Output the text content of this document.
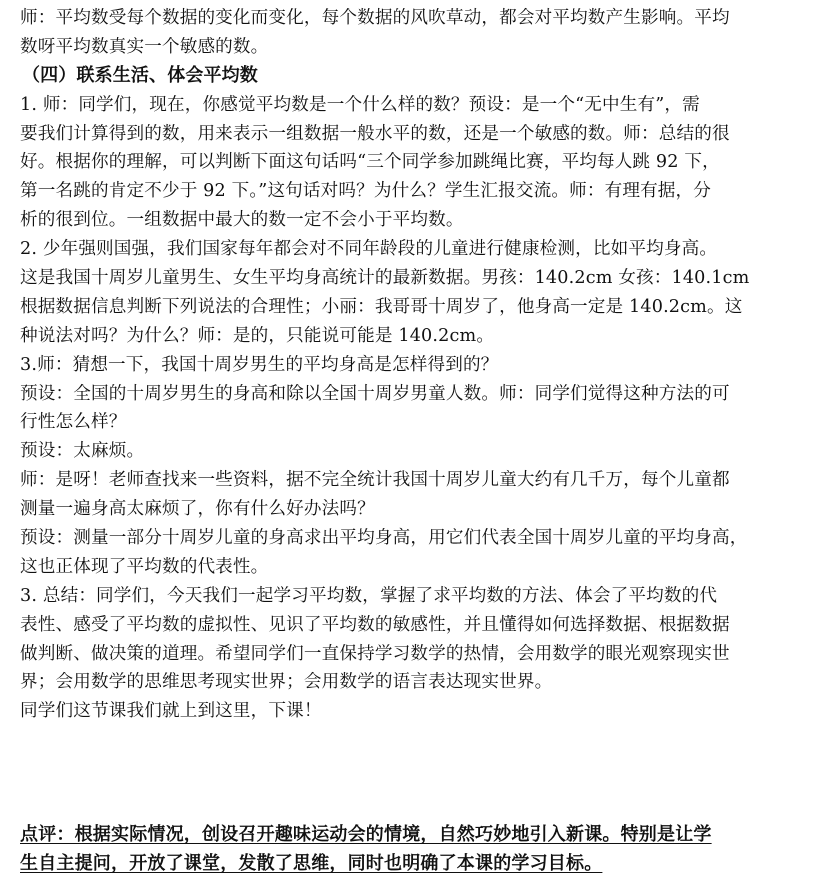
师：平均数受每个数据的变化而变化，每个数据的风吹草动，都会对平均数产生影响。平均
数呀平均数真实一个敏感的数。
（四）联系生活、体会平均数
1. 师：同学们，现在，你感觉平均数是一个什么样的数？预设：是一个“无中生有”，需
要我们计算得到的数，用来表示一组数据一般水平的数，还是一个敏感的数。师：总结的很
好。根据你的理解，可以判断下面这句话吗“三个同学参加跳绳比赛，平均每人跳 92 下，
第一名跳的肯定不少于 92 下。”这句话对吗？为什么？学生汇报交流。师：有理有据，分
析的很到位。一组数据中最大的数一定不会小于平均数。
2. 少年强则国强，我们国家每年都会对不同年龄段的儿童进行健康检测，比如平均身高。
这是我国十周岁儿童男生、女生平均身高统计的最新数据。男孩：140.2cm 女孩：140.1cm
根据数据信息判断下列说法的合理性；小丽：我哥哥十周岁了，他身高一定是 140.2cm。这
种说法对吗？为什么？师：是的，只能说可能是 140.2cm。
3.师：猜想一下，我国十周岁男生的平均身高是怎样得到的？
预设：全国的十周岁男生的身高和除以全国十周岁男童人数。师：同学们觉得这种方法的可
行性怎么样？
预设：太麻烦。
师：是呀！老师查找来一些资料，据不完全统计我国十周岁儿童大约有几千万，每个儿童都
测量一遍身高太麻烦了，你有什么好办法吗？
预设：测量一部分十周岁儿童的身高求出平均身高，用它们代表全国十周岁儿童的平均身高，
这也正体现了平均数的代表性。
3. 总结：同学们，今天我们一起学习平均数，掌握了求平均数的方法、体会了平均数的代
表性、感受了平均数的虚拟性、见识了平均数的敏感性，并且懂得如何选择数据、根据数据
做判断、做决策的道理。希望同学们一直保持学习数学的热情，会用数学的眼光观察现实世
界；会用数学的思维思考现实世界；会用数学的语言表达现实世界。
同学们这节课我们就上到这里，下课！
点评：根据实际情况，创设召开趣味运动会的情境，自然巧妙地引入新课。特别是让学
生自主提问，开放了课堂，发散了思维，同时也明确了本课的学习目标。
